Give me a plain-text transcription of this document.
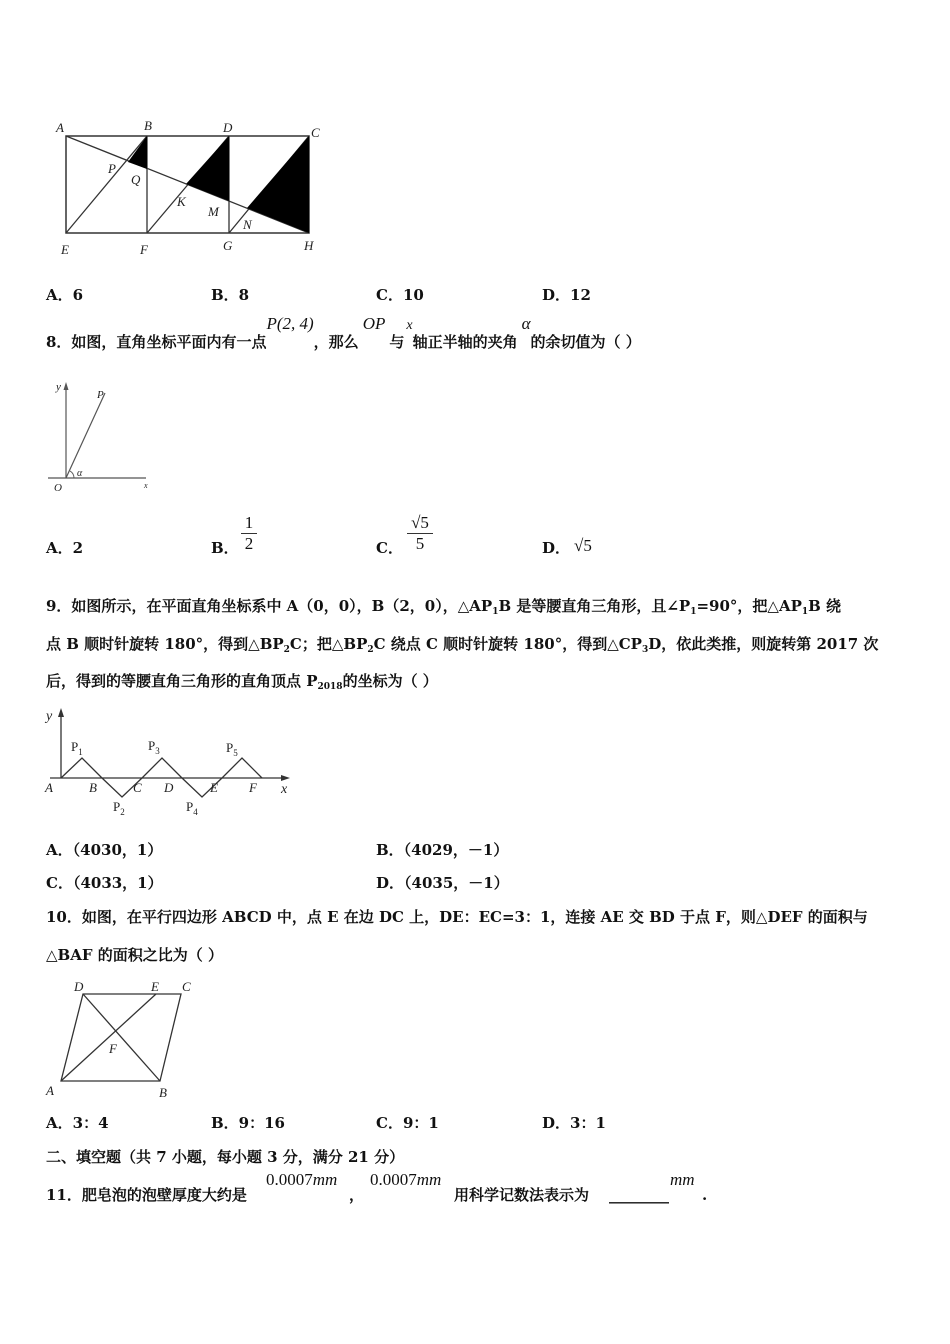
A	B	D	C
E	F	G	H
P
Q
K
M
N
A．6	B．8	C．10	D．12
8．如图，直角坐标平面内有一点P(2, 4)，那么OP与x轴正半轴的夹角α的余切值为（ ）
y
P
O	x
α
A．2	B． $\frac{1}{2}$	C． $\frac{√5}{5}$	D． √5
9．如图所示，在平面直角坐标系中 A（0，0），B（2，0），$\triangle AP_1B$ 是等腰直角三角形，且$\angle P_1=90^\circ$，把$\triangle AP_1B$ 绕
点 B 顺时针旋转 180°，得到$\triangle BP_2C$；把$\triangle BP_2C$ 绕点 C 顺时针旋转 180°，得到$\triangle CP_3D$，依此类推，则旋转第 2017 次
后，得到的等腰直角三角形的直角顶点 $P_{2018}$的坐标为（ ）
y
x
A	B	C D	E F
$P_1$
$P_2$
$P_3$
$P_4$
$P_5$
A．（4030，1）	B．（4029，－1）
C．（4033，1）	D．（4035，－1）
10．如图，在平行四边形 ABCD 中，点 E 在边 DC 上，DE：EC=3：1，连接 AE 交 BD 于点 F，则△DEF 的面积与
△BAF 的面积之比为（ ）
D	E C
F
A	B
A．3：4	B．9：16	C．9：1	D．3：1
二、填空题（共 7 小题，每小题 3 分，满分 21 分）
11．肥皂泡的泡壁厚度大约是
0.0007mm
，
0.0007mm
用科学记数法表示为 ________
mm
.
